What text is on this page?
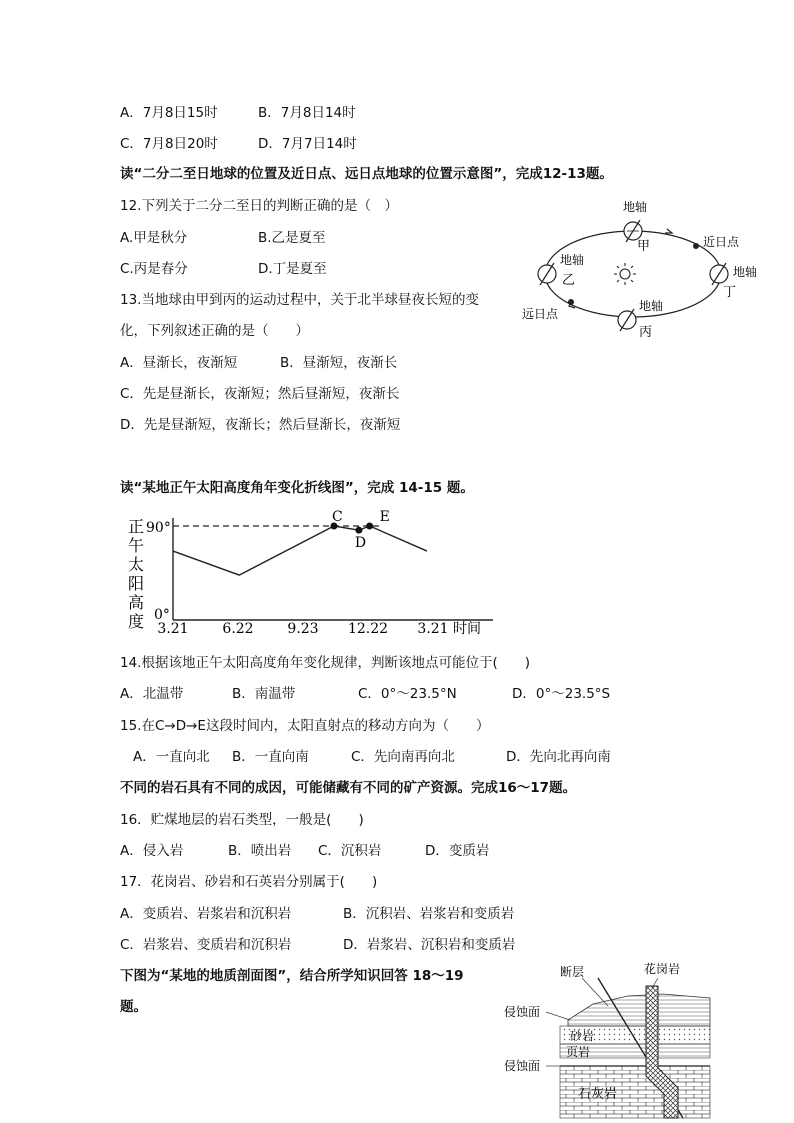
A．7月8日15时	B．7月8日14时
C．7月8日20时	D．7月7日14时
读“二分二至日地球的位置及近日点、远日点地球的位置示意图”，完成12-13题。
12.下列关于二分二至日的判断正确的是（　）
A.甲是秋分	B.乙是夏至
C.丙是春分	D.丁是夏至
13.当地球由甲到丙的运动过程中，关于北半球昼夜长短的变
化，下列叙述正确的是（　　）
A．昼渐长，夜渐短	B．昼渐短，夜渐长
C．先是昼渐长，夜渐短；然后昼渐短，夜渐长
D．先是昼渐短，夜渐长；然后昼渐长，夜渐短
地轴
甲
地轴
乙
地轴
丁
地轴
丙
近日点
远日点
读“某地正午太阳高度角年变化折线图”，完成 14-15 题。
正
午
太
阳
高
度
90°
0°
3.21 6.22 9.23 12.22 3.21
C
D
E
时间
14.根据该地正午太阳高度角年变化规律，判断该地点可能位于(　　)
A．北温带	B．南温带	C．0°～23.5°N	D．0°～23.5°S
15.在C→D→E这段时间内，太阳直射点的移动方向为（　　）
A．一直向北 B．一直向南	C．先向南再向北	D．先向北再向南
不同的岩石具有不同的成因，可能储藏有不同的矿产资源。完成16～17题。
16．贮煤地层的岩石类型，一般是(　　)
A．侵入岩	B．喷出岩 C．沉积岩	D．变质岩
17．花岗岩、砂岩和石英岩分别属于(　　)
A．变质岩、岩浆岩和沉积岩	B．沉积岩、岩浆岩和变质岩
C．岩浆岩、变质岩和沉积岩	D．岩浆岩、沉积岩和变质岩
下图为“某地的地质剖面图”，结合所学知识回答 18～19
题。
断层	花岗岩
侵蚀面
砂岩
页岩
侵蚀面
石灰岩
